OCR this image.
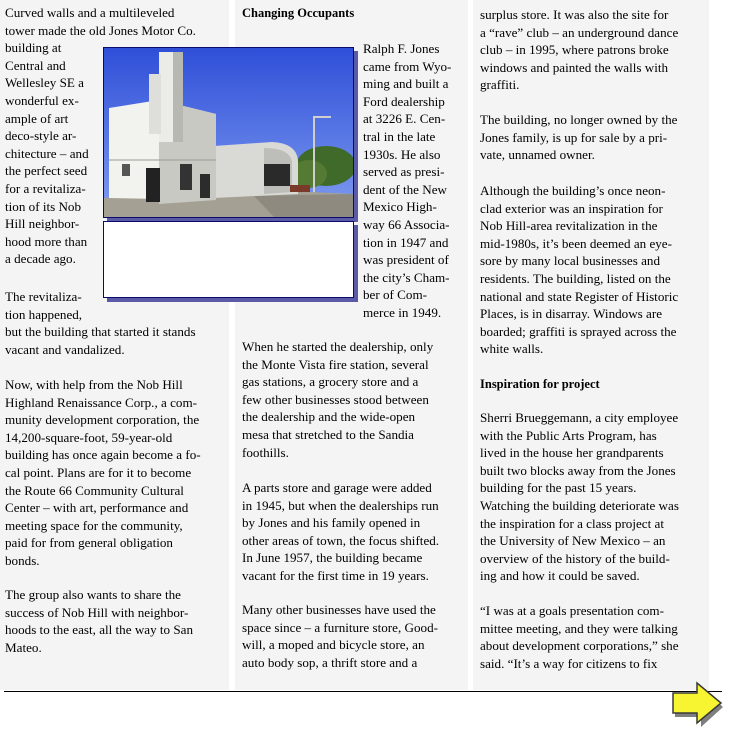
Curved walls and a multileveled
tower made the old Jones Motor Co.
building at
Central and
Wellesley SE a
wonderful ex-
ample of art
deco-style ar-
chitecture – and
the perfect seed
for a revitaliza-
tion of its Nob
Hill neighbor-
hood more than
a decade ago.
The revitaliza-
tion happened,
but the building that started it stands
vacant and vandalized.
Now, with help from the Nob Hill
Highland Renaissance Corp., a com-
munity development corporation, the
14,200-square-foot, 59-year-old
building has once again become a fo-
cal point. Plans are for it to become
the Route 66 Community Cultural
Center – with art, performance and
meeting space for the community,
paid for from general obligation
bonds.
The group also wants to share the
success of Nob Hill with neighbor-
hoods to the east, all the way to San
Mateo.
Changing Occupants
Ralph F. Jones
came from Wyo-
ming and built a
Ford dealership
at 3226 E. Cen-
tral in the late
1930s. He also
served as presi-
dent of the New
Mexico High-
way 66 Associa-
tion in 1947 and
was president of
the city’s Cham-
ber of Com-
merce in 1949.
When he started the dealership, only
the Monte Vista fire station, several
gas stations, a grocery store and a
few other businesses stood between
the dealership and the wide-open
mesa that stretched to the Sandia
foothills.
A parts store and garage were added
in 1945, but when the dealerships run
by Jones and his family opened in
other areas of town, the focus shifted.
In June 1957, the building became
vacant for the first time in 19 years.
Many other businesses have used the
space since – a furniture store, Good-
will, a moped and bicycle store, an
auto body sop, a thrift store and a
surplus store. It was also the site for
a “rave” club – an underground dance
club – in 1995, where patrons broke
windows and painted the walls with
graffiti.
The building, no longer owned by the
Jones family, is up for sale by a pri-
vate, unnamed owner.
Although the building’s once neon-
clad exterior was an inspiration for
Nob Hill-area revitalization in the
mid-1980s, it’s been deemed an eye-
sore by many local businesses and
residents. The building, listed on the
national and state Register of Historic
Places, is in disarray. Windows are
boarded; graffiti is sprayed across the
white walls.
Inspiration for project
Sherri Brueggemann, a city employee
with the Public Arts Program, has
lived in the house her grandparents
built two blocks away from the Jones
building for the past 15 years.
Watching the building deteriorate was
the inspiration for a class project at
the University of New Mexico – an
overview of the history of the build-
ing and how it could be saved.
“I was at a goals presentation com-
mittee meeting, and they were talking
about development corporations,” she
said. “It’s a way for citizens to fix
